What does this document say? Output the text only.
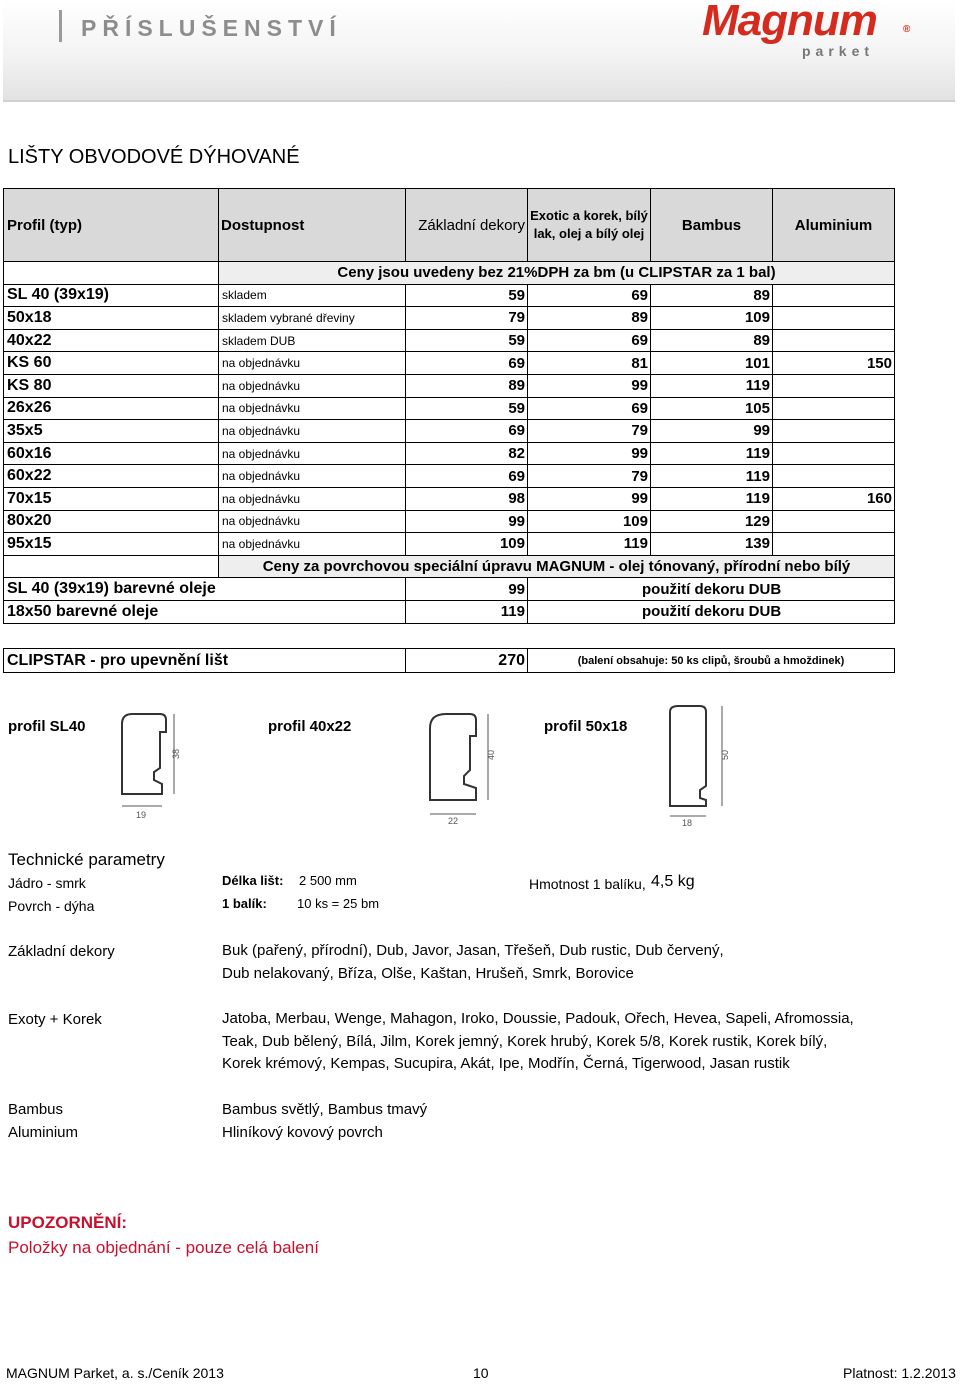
PŘÍSLUŠENSTVÍ	Magnum	®
parket
LIŠTY OBVODOVÉ DÝHOVANÉ
Profil (typ)	Dostupnost	Základní dekory	Exotic a korek, bílý lak, olej a bílý olej	Bambus	Aluminium
	Ceny jsou uvedeny bez 21%DPH za bm (u CLIPSTAR za 1 bal)				
SL 40 (39x19)	skladem	59	69	89	
50x18	skladem vybrané dřeviny	79	89	109	
40x22	skladem DUB	59	69	89	
KS 60	na objednávku	69	81	101	150
KS 80	na objednávku	89	99	119	
26x26	na objednávku	59	69	105	
35x5	na objednávku	69	79	99	
60x16	na objednávku	82	99	119	
60x22	na objednávku	69	79	119	
70x15	na objednávku	98	99	119	160
80x20	na objednávku	99	109	129	
95x15	na objednávku	109	119	139	
	Ceny za povrchovou speciální úpravu MAGNUM - olej tónovaný, přírodní nebo bílý				
SL 40 (39x19) barevné oleje		99	použití dekoru DUB		
18x50 barevné oleje		119	použití dekoru DUB		
CLIPSTAR - pro upevnění lišt	270	(balení obsahuje: 50 ks clipů, šroubů a hmoždinek)
profil SL40
38
19
profil 40x22
40
22
profil 50x18
50
18
Technické parametry
Jádro - smrk
Povrch - dýha
Délka lišt: 2 500 mm
1 balík: 10 ks = 25 bm
Hmotnost 1 balíku, 4,5 kg
Základní dekory	Buk (pařený, přírodní), Dub, Javor, Jasan, Třešeň, Dub rustic, Dub červený,
Dub nelakovaný, Bříza, Olše, Kaštan, Hrušeň, Smrk, Borovice
Exoty + Korek	Jatoba, Merbau, Wenge, Mahagon, Iroko, Doussie, Padouk, Ořech, Hevea, Sapeli, Afromossia,
Teak, Dub bělený, Bílá, Jilm, Korek jemný, Korek hrubý, Korek 5/8, Korek rustik, Korek bílý,
Korek krémový, Kempas, Sucupira, Akát, Ipe, Modřín, Černá, Tigerwood, Jasan rustik
Bambus	Bambus světlý, Bambus tmavý
Aluminium	Hliníkový kovový povrch
UPOZORNĚNÍ:
Položky na objednání - pouze celá balení
MAGNUM Parket, a. s./Ceník 2013	10	Platnost: 1.2.2013
